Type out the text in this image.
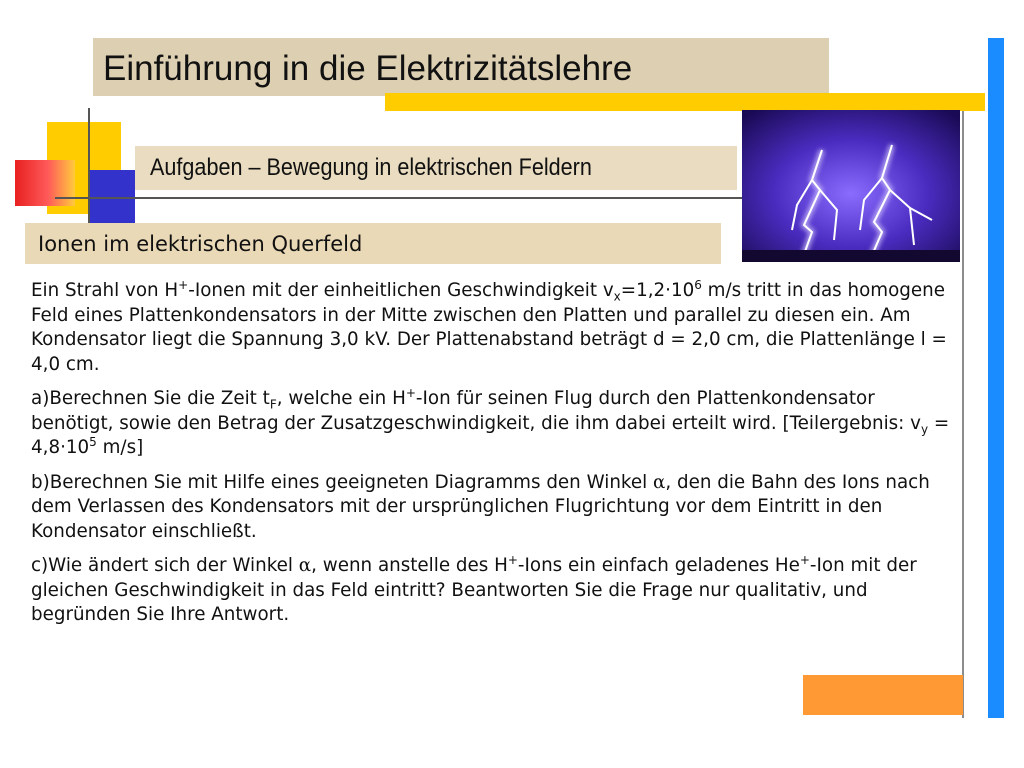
Einführung in die Elektrizitätslehre
Aufgaben – Bewegung in elektrischen Feldern
Ionen im elektrischen Querfeld

Ein Strahl von H+-Ionen mit der einheitlichen Geschwindigkeit $v_x=1,2\cdot 10^6$ m/s tritt in das homogene Feld eines Plattenkondensators in der Mitte zwischen den Platten und parallel zu diesen ein. Am Kondensator liegt die Spannung 3,0 kV. Der Plattenabstand beträgt d = 2,0 cm, die Plattenlänge l = 4,0 cm.

a)Berechnen Sie die Zeit $t_F$, welche ein H+-Ion für seinen Flug durch den Plattenkondensator benötigt, sowie den Betrag der Zusatzgeschwindigkeit, die ihm dabei erteilt wird. [Teilergebnis: $v_y = 4,8\cdot 10^5$ m/s]

b)Berechnen Sie mit Hilfe eines geeigneten Diagramms den Winkel α, den die Bahn des Ions nach dem Verlassen des Kondensators mit der ursprünglichen Flugrichtung vor dem Eintritt in den Kondensator einschließt.

c)Wie ändert sich der Winkel α, wenn anstelle des H+-Ions ein einfach geladenes He+-Ion mit der gleichen Geschwindigkeit in das Feld eintritt? Beantworten Sie die Frage nur qualitativ, und begründen Sie Ihre Antwort.
